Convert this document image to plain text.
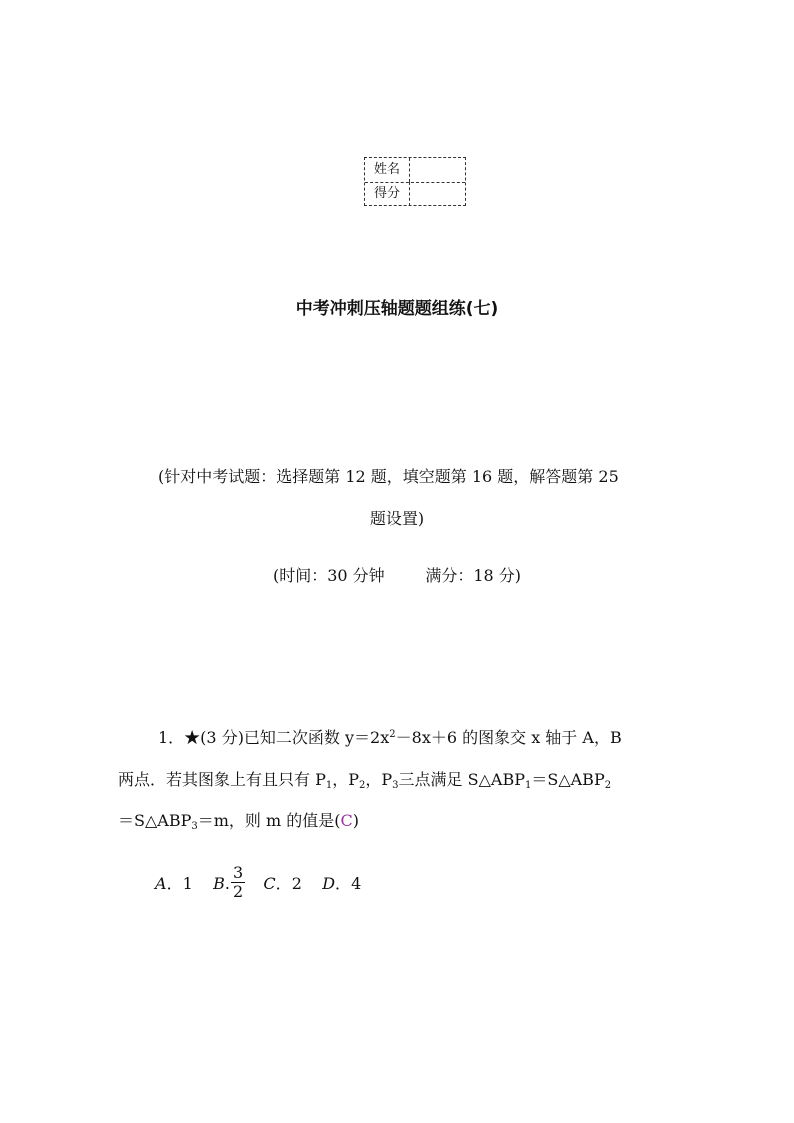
姓名
得分
中考冲刺压轴题题组练(七)
(针对中考试题：选择题第 12 题，填空题第 16 题，解答题第 25
题设置)
(时间：30 分钟        满分：18 分)
1．★(3 分)已知二次函数 $y=2x^2-8x+6$ 的图象交 x 轴于 A，B
两点．若其图象上有且只有 $P_1$，$P_2$，$P_3$三点满足 $S\triangle ABP_1=S\triangle ABP_2$
$=S\triangle ABP_3=m$，则 m 的值是(C)
A．1 B. $\frac{3}{2}$ C．2 D．4
